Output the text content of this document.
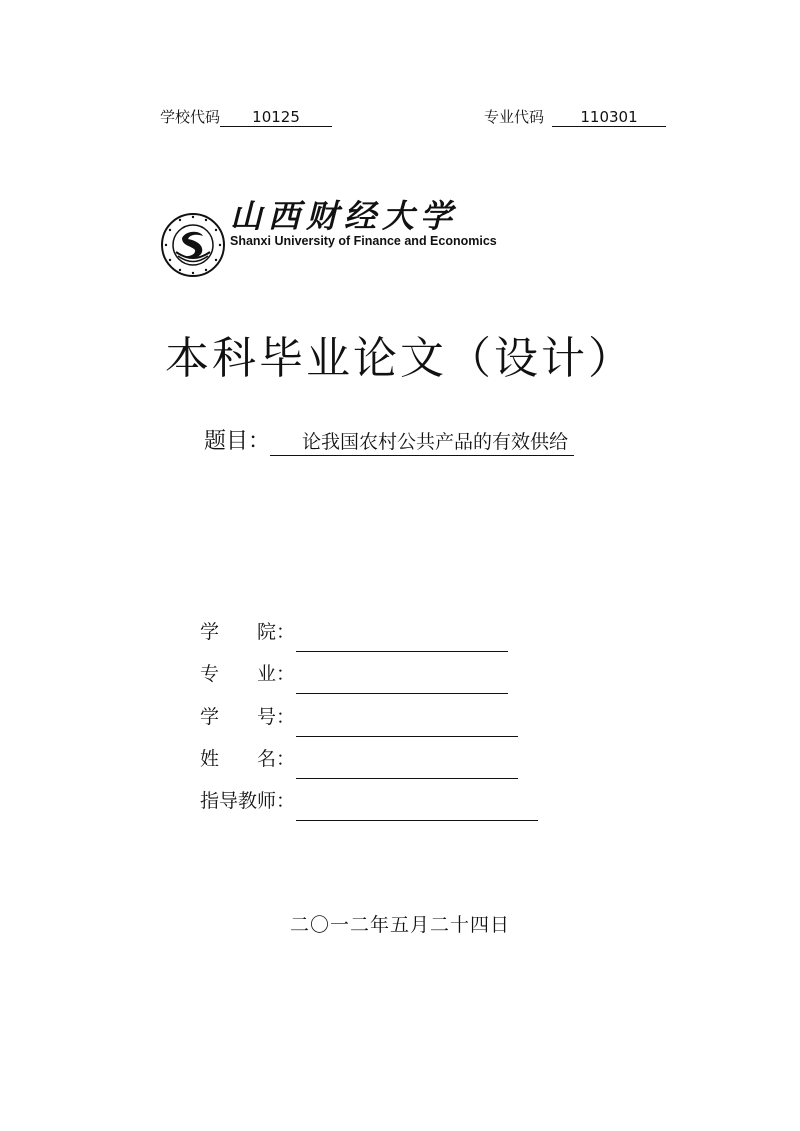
学校代码 10125	专业代码 110301
山西财经大学
Shanxi University of Finance and Economics
本科毕业论文（设计）
题目： 论我国农村公共产品的有效供给
学 院 ：
专 业 ：
学 号 ：
姓 名 ：
指 导 教 师 ：
二〇一二年五月二十四日
